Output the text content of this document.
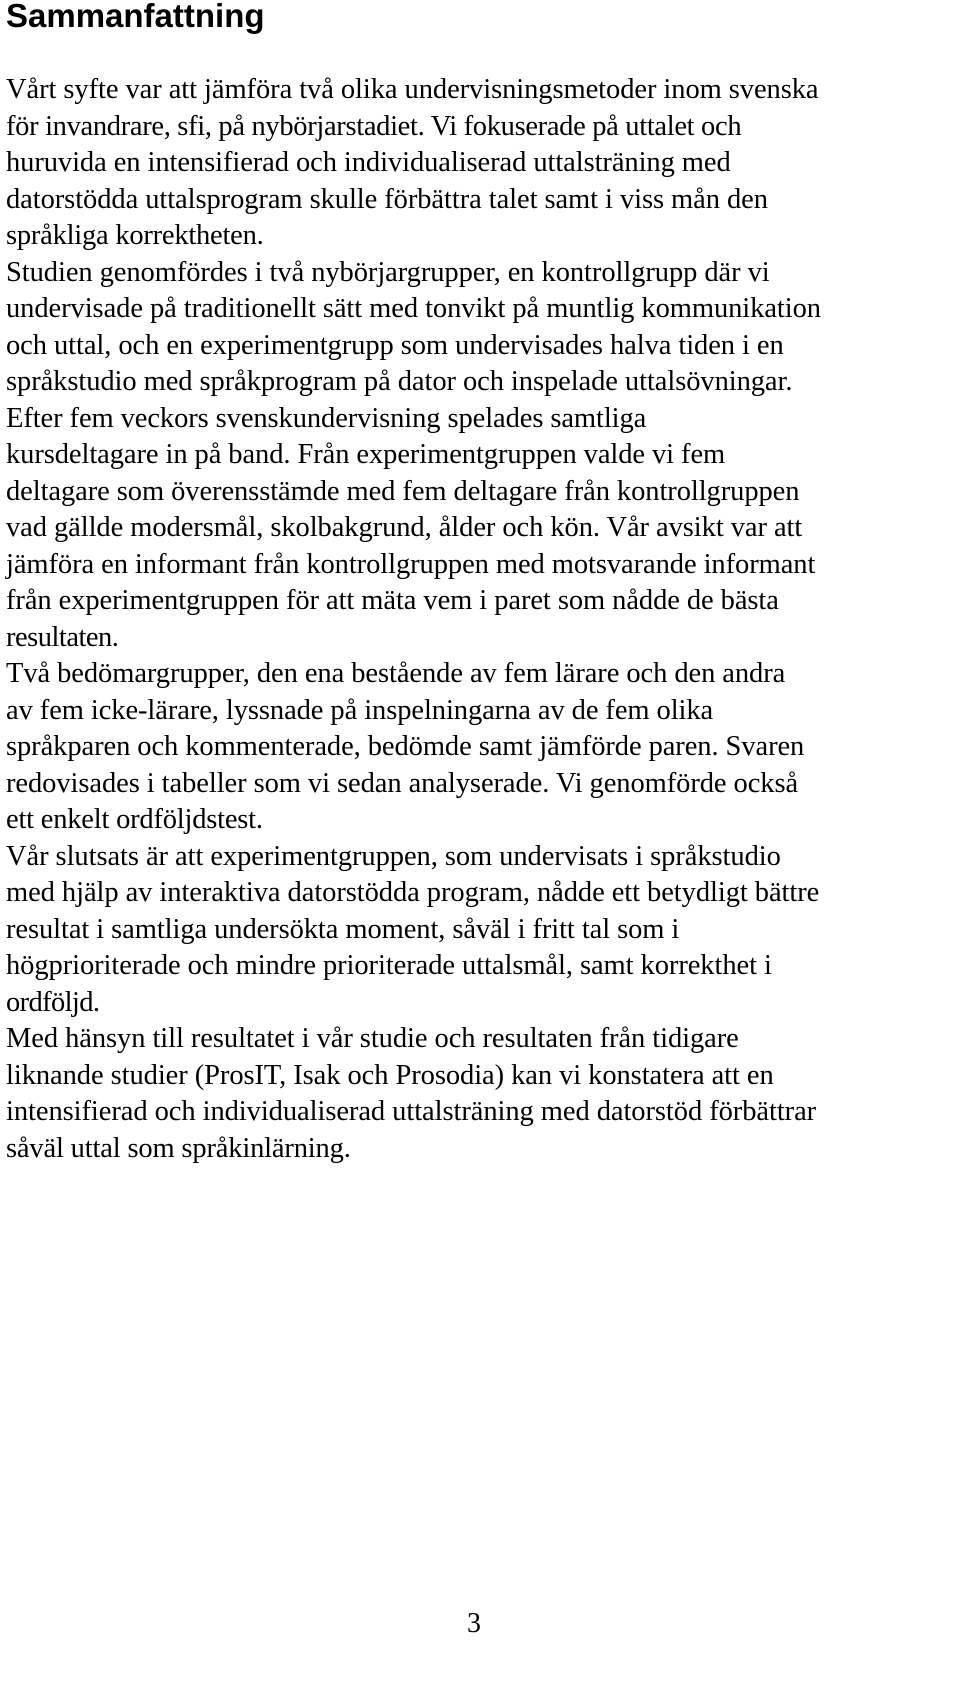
Sammanfattning

Vårt syfte var att jämföra två olika undervisningsmetoder inom svenska
för invandrare, sfi, på nybörjarstadiet. Vi fokuserade på uttalet och
huruvida en intensifierad och individualiserad uttalsträning med
datorstödda uttalsprogram skulle förbättra talet samt i viss mån den
språkliga korrektheten.

Studien genomfördes i två nybörjargrupper, en kontrollgrupp där vi
undervisade på traditionellt sätt med tonvikt på muntlig kommunikation
och uttal, och en experimentgrupp som undervisades halva tiden i en
språkstudio med språkprogram på dator och inspelade uttalsövningar.

Efter fem veckors svenskundervisning spelades samtliga
kursdeltagare in på band. Från experimentgruppen valde vi fem
deltagare som överensstämde med fem deltagare från kontrollgruppen
vad gällde modersmål, skolbakgrund, ålder och kön. Vår avsikt var att
jämföra en informant från kontrollgruppen med motsvarande informant
från experimentgruppen för att mäta vem i paret som nådde de bästa
resultaten.

Två bedömargrupper, den ena bestående av fem lärare och den andra
av fem icke-lärare, lyssnade på inspelningarna av de fem olika
språkparen och kommenterade, bedömde samt jämförde paren. Svaren
redovisades i tabeller som vi sedan analyserade. Vi genomförde också
ett enkelt ordföljdstest.

Vår slutsats är att experimentgruppen, som undervisats i språkstudio
med hjälp av interaktiva datorstödda program, nådde ett betydligt bättre
resultat i samtliga undersökta moment, såväl i fritt tal som i
högprioriterade och mindre prioriterade uttalsmål, samt korrekthet i
ordföljd.

Med hänsyn till resultatet i vår studie och resultaten från tidigare
liknande studier (ProsIT, Isak och Prosodia) kan vi konstatera att en
intensifierad och individualiserad uttalsträning med datorstöd förbättrar
såväl uttal som språkinlärning.

3
